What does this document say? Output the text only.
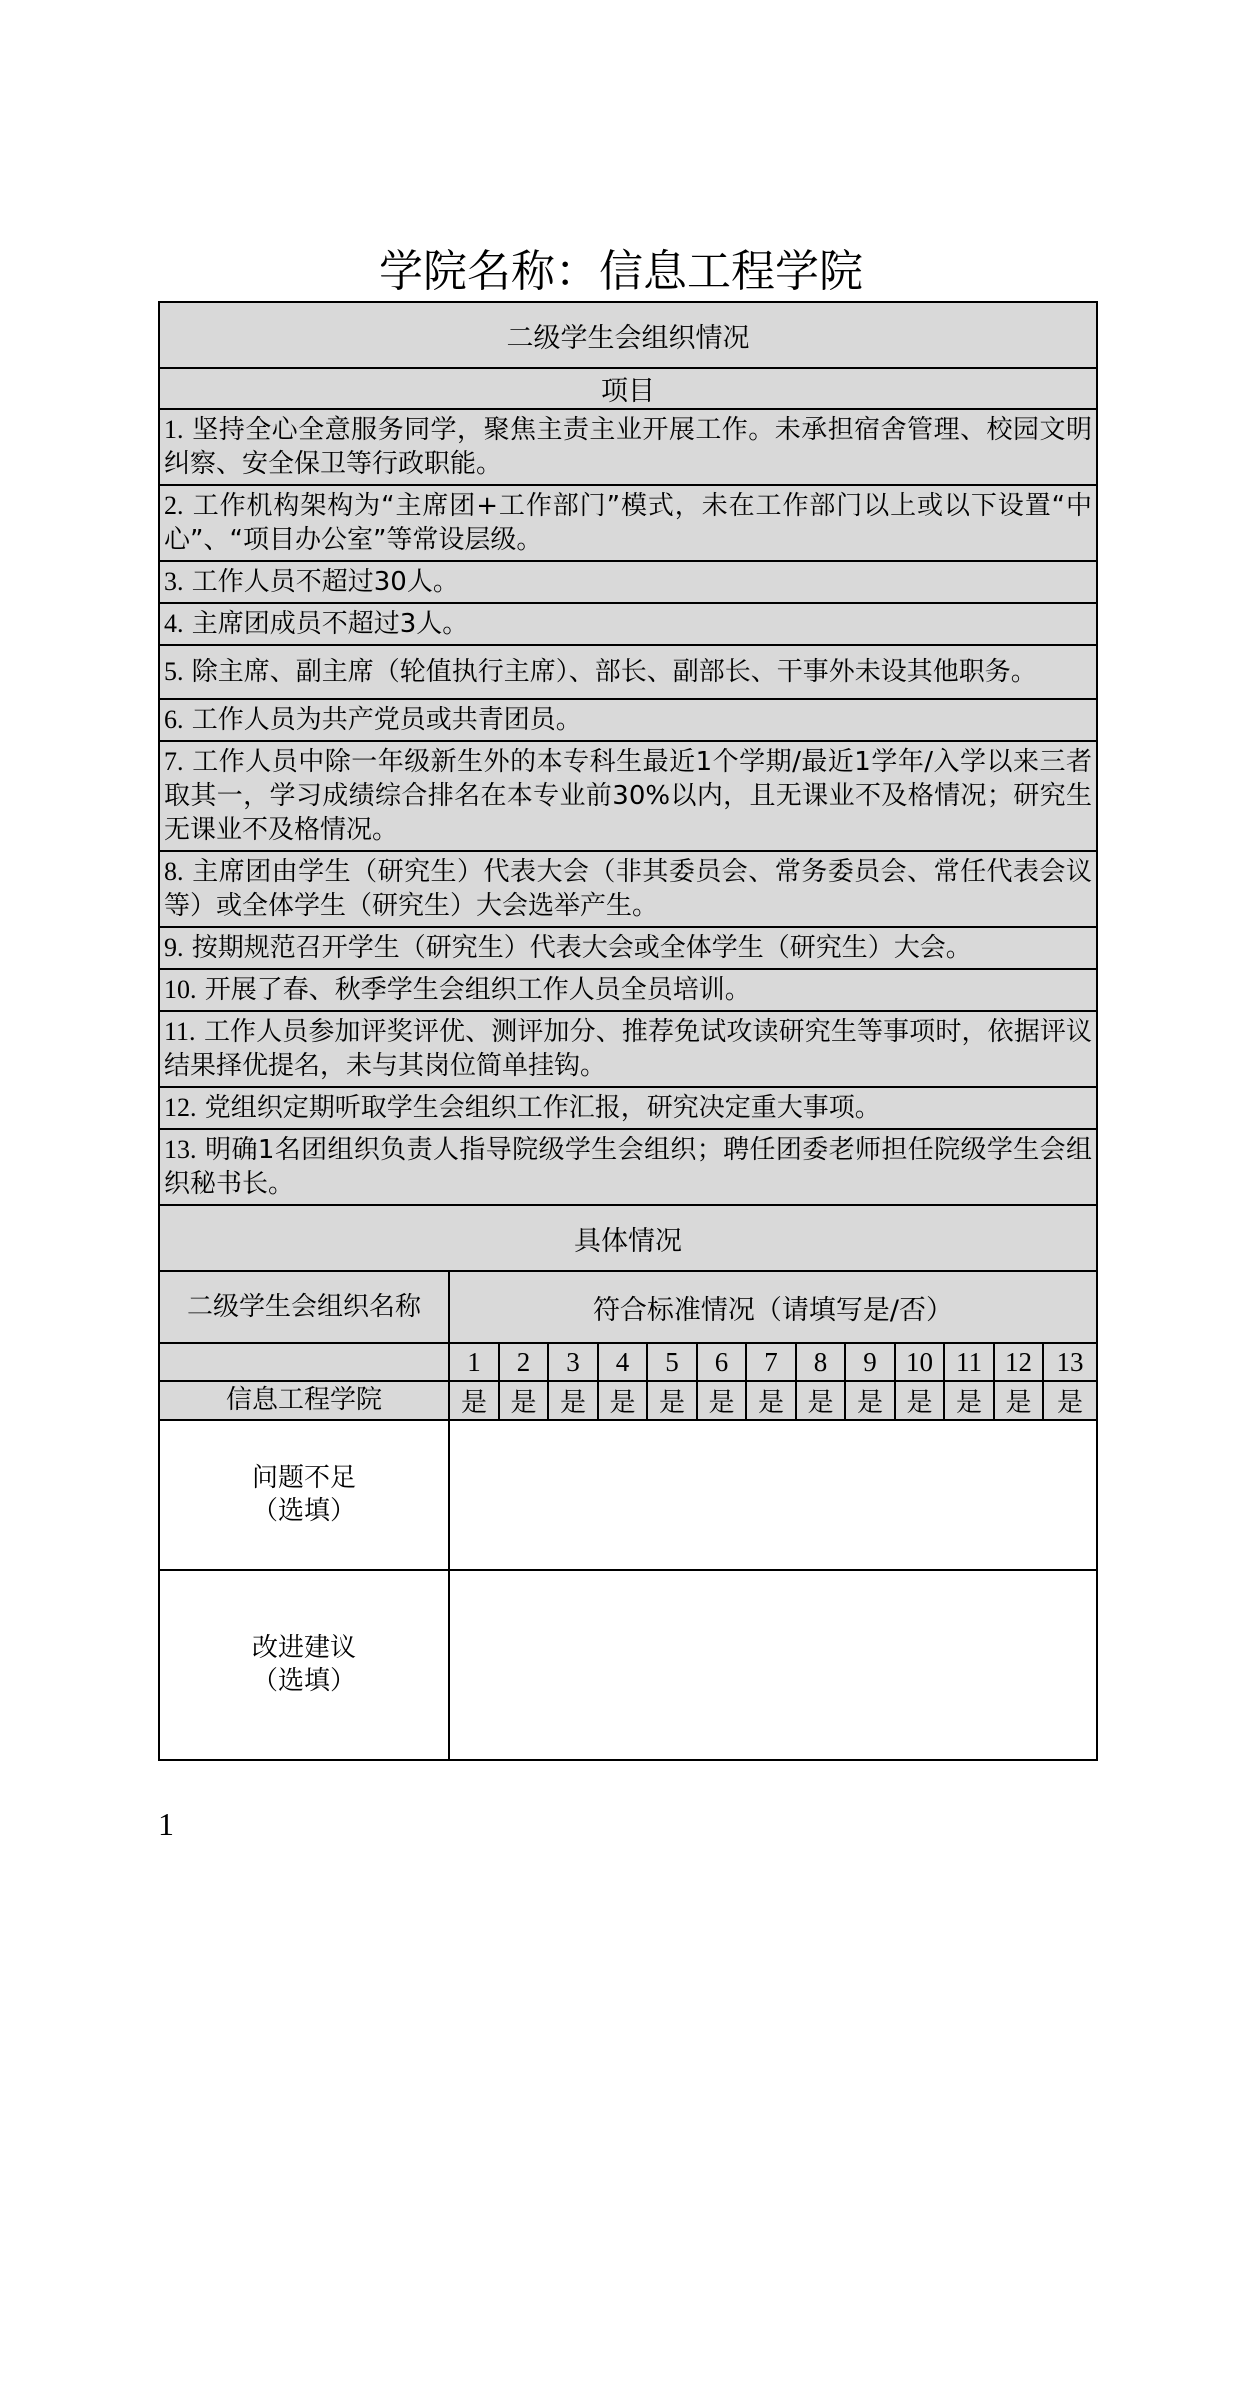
学院名称：信息工程学院
二级学生会组织情况													
项目													
1. 坚持全心全意服务同学，聚焦主责主业开展工作。未承担宿舍管理、校园文明纠察、安全保卫等行政职能。													
2. 工作机构架构为“主席团+工作部门”模式，未在工作部门以上或以下设置“中心”、“项目办公室”等常设层级。													
3. 工作人员不超过30人。													
4. 主席团成员不超过3人。													
5. 除主席、副主席（轮值执行主席）、部长、副部长、干事外未设其他职务。													
6. 工作人员为共产党员或共青团员。													
7. 工作人员中除一年级新生外的本专科生最近1个学期/最近1学年/入学以来三者取其一，学习成绩综合排名在本专业前30%以内，且无课业不及格情况；研究生无课业不及格情况。													
8. 主席团由学生（研究生）代表大会（非其委员会、常务委员会、常任代表会议等）或全体学生（研究生）大会选举产生。													
9. 按期规范召开学生（研究生）代表大会或全体学生（研究生）大会。													
10. 开展了春、秋季学生会组织工作人员全员培训。													
11. 工作人员参加评奖评优、测评加分、推荐免试攻读研究生等事项时，依据评议结果择优提名，未与其岗位简单挂钩。													
12. 党组织定期听取学生会组织工作汇报，研究决定重大事项。													
13. 明确1名团组织负责人指导院级学生会组织；聘任团委老师担任院级学生会组织秘书长。													
具体情况													
二级学生会组织名称	符合标准情况（请填写是/否）												
	1	2	3	4	5	6	7	8	9	10	11	12	13
信息工程学院	是	是	是	是	是	是	是	是	是	是	是	是	是

问题不足
（选填）													

改进建议
（选填）													

1
